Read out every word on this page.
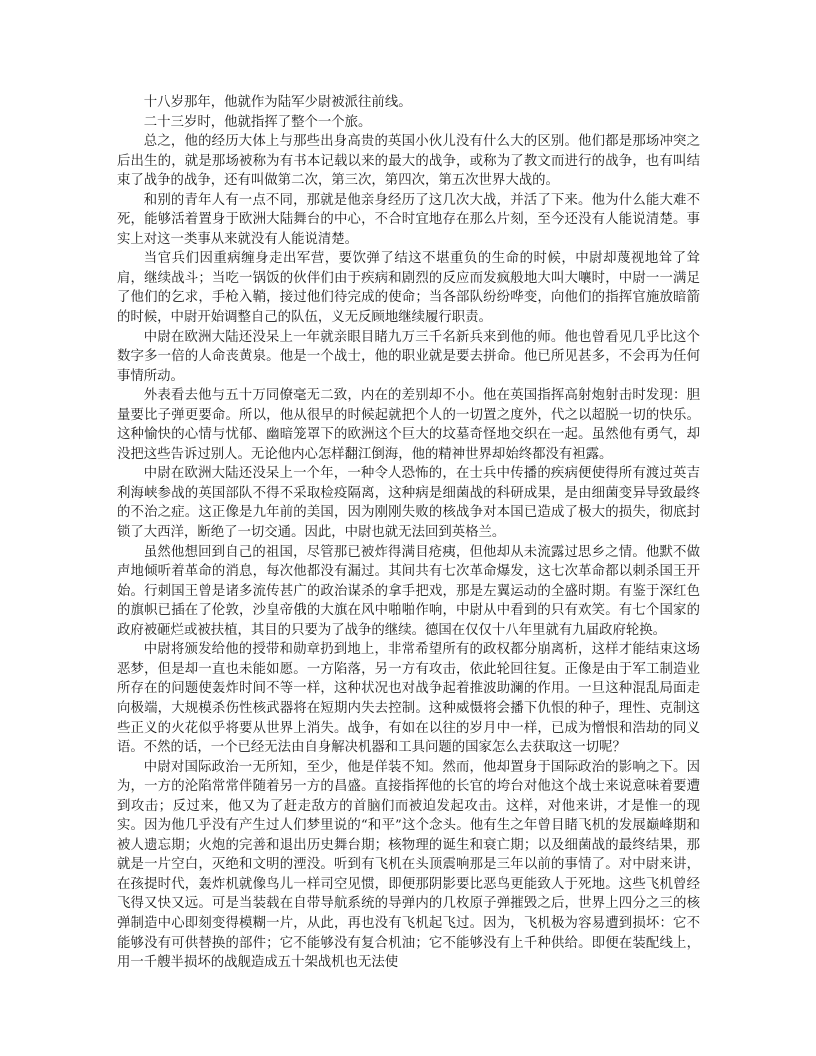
十八岁那年，他就作为陆军少尉被派往前线。

二十三岁时，他就指挥了整个一个旅。

总之，他的经历大体上与那些出身高贵的英国小伙儿没有什么大的区别。他们都是那场冲突之后出生的，就是那场被称为有书本记载以来的最大的战争，或称为了教文而进行的战争，也有叫结束了战争的战争，还有叫做第二次，第三次，第四次，第五次世界大战的。

和别的青年人有一点不同，那就是他亲身经历了这几次大战，并活了下来。他为什么能大难不死，能够活着置身于欧洲大陆舞台的中心，不合时宜地存在那么片刻，至今还没有人能说清楚。事实上对这一类事从来就没有人能说清楚。

当官兵们因重病缠身走出军营，要饮弹了结这不堪重负的生命的时候，中尉却蔑视地耸了耸肩，继续战斗；当吃一锅饭的伙伴们由于疾病和剧烈的反应而发疯般地大叫大嚷时，中尉一一满足了他们的乞求，手枪入鞘，接过他们待完成的使命；当各部队纷纷哗变，向他们的指挥官施放暗箭的时候，中尉开始调整自己的队伍，义无反顾地继续履行职责。

中尉在欧洲大陆还没呆上一年就亲眼目睹九万三千名新兵来到他的师。他也曾看见几乎比这个数字多一倍的人命丧黄泉。他是一个战士，他的职业就是要去拼命。他已所见甚多，不会再为任何事情所动。

外表看去他与五十万同僚毫无二致，内在的差别却不小。他在英国指挥高射炮射击时发现：胆量要比子弹更要命。所以，他从很早的时候起就把个人的一切置之度外，代之以超脱一切的快乐。这种愉快的心情与忧郁、幽暗笼罩下的欧洲这个巨大的坟墓奇怪地交织在一起。虽然他有勇气，却没把这些告诉过别人。无论他内心怎样翻江倒海，他的精神世界却始终都没有袒露。

中尉在欧洲大陆还没呆上一个年，一种令人恐怖的，在士兵中传播的疾病便使得所有渡过英吉利海峡参战的英国部队不得不采取检疫隔离，这种病是细菌战的科研成果，是由细菌变异导致最终的不治之症。这正像是九年前的美国，因为刚刚失败的核战争对本国已造成了极大的损失，彻底封锁了大西洋，断绝了一切交通。因此，中尉也就无法回到英格兰。

虽然他想回到自己的祖国，尽管那已被炸得满目疮痍，但他却从未流露过思乡之情。他默不做声地倾听着革命的消息，每次他都没有漏过。其间共有七次革命爆发，这七次革命都以刺杀国王开始。行刺国王曾是诸多流传甚广的政治谋杀的拿手把戏，那是左翼运动的全盛时期。有鉴于深红色的旗帜已插在了伦敦，沙皇帝俄的大旗在风中啪啪作响，中尉从中看到的只有欢笑。有七个国家的政府被砸烂或被扶植，其目的只要为了战争的继续。德国在仅仅十八年里就有九届政府轮换。

中尉将颁发给他的授带和勋章扔到地上，非常希望所有的政权都分崩离析，这样才能结束这场恶梦，但是却一直也未能如愿。一方陷落，另一方有攻击，依此轮回往复。正像是由于军工制造业所存在的问题使轰炸时间不等一样，这种状况也对战争起着推波助澜的作用。一旦这种混乱局面走向极端，大规模杀伤性核武器将在短期内失去控制。这种威慑将会播下仇恨的种子，理性、克制这些正义的火花似乎将要从世界上消失。战争，有如在以往的岁月中一样，已成为憎恨和浩劫的同义语。不然的话，一个已经无法由自身解决机器和工具问题的国家怎么去获取这一切呢？

中尉对国际政治一无所知，至少，他是佯装不知。然而，他却置身于国际政治的影响之下。因为，一方的沦陷常常伴随着另一方的昌盛。直接指挥他的长官的垮台对他这个战士来说意味着要遭到攻击；反过来，他又为了赶走敌方的首脑们而被迫发起攻击。这样，对他来讲，才是惟一的现实。因为他几乎没有产生过人们梦里说的“和平”这个念头。他有生之年曾目睹飞机的发展巅峰期和被人遗忘期；火炮的完善和退出历史舞台期；核物理的诞生和衰亡期；以及细菌战的最终结果，那就是一片空白，灭绝和文明的湮没。听到有飞机在头顶震响那是三年以前的事情了。对中尉来讲，在孩提时代，轰炸机就像鸟儿一样司空见惯，即便那阴影要比恶鸟更能致人于死地。这些飞机曾经飞得又快又远。可是当装载在自带导航系统的导弹内的几枚原子弹摧毁之后，世界上四分之三的核弹制造中心即刻变得模糊一片，从此，再也没有飞机起飞过。因为，飞机极为容易遭到损坏：它不能够没有可供替换的部件；它不能够没有复合机油；它不能够没有上千种供给。即便在装配线上，用一千艘半损坏的战舰造成五十架战机也无法使
